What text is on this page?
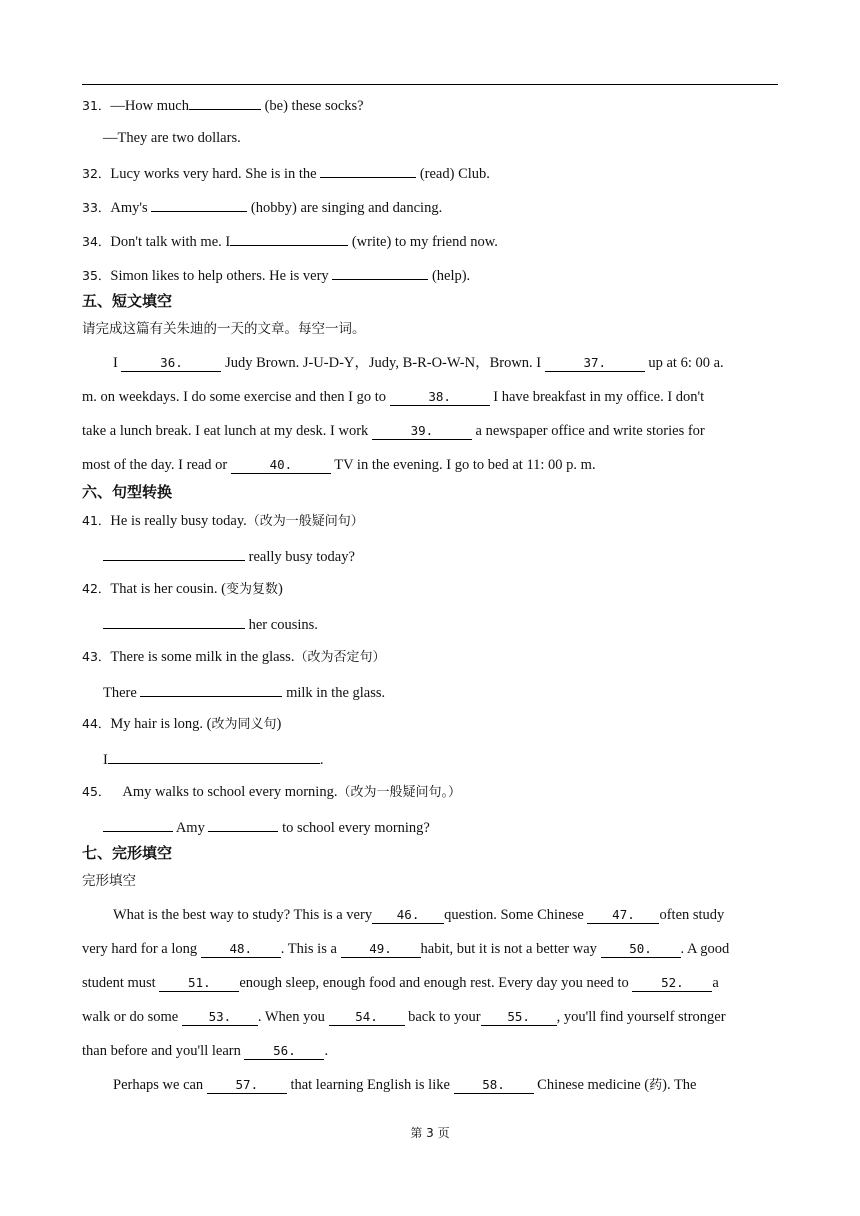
31．—How much	(be) these socks?
—They are two dollars.
32．Lucy works very hard. She is in the	(read) Club.
33．Amy's	(hobby) are singing and dancing.
34．Don't talk with me. I	(write) to my friend now.
35．Simon likes to help others. He is very	(help).
五、短文填空
请完成这篇有关朱迪的一天的文章。每空一词。
I	36.	Judy Brown. J-U-D-Y，Judy, B-R-O-W-N，Brown. I	37.	up at 6: 00 a.
m. on weekdays. I do some exercise and then I go to	38.	I have breakfast in my office. I don't
take a lunch break. I eat lunch at my desk. I work	39.	a newspaper office and write stories for
most of the day. I read or	40.	TV in the evening. I go to bed at 11: 00 p. m.
六、句型转换
41．He is really busy today.（改为一般疑问句）
really busy today?
42．That is her cousin. (变为复数)
her cousins.
43．There is some milk in the glass.（改为否定句）
There	milk in the glass.
44．My hair is long. (改为同义句)
I	.
45． Amy walks to school every morning.（改为一般疑问句。）
Amy	to school every morning?
七、完形填空
完形填空
What is the best way to study? This is a very 46. question. Some Chinese 47. often study
very hard for a long 48. . This is a 49. habit, but it is not a better way 50. . A good
student must 51. enough sleep, enough food and enough rest. Every day you need to 52. a
walk or do some 53. . When you 54. back to your 55. , you'll find yourself stronger
than before and you'll learn 56. .
Perhaps we can 57. that learning English is like 58. Chinese medicine (药). The
第 3 页
